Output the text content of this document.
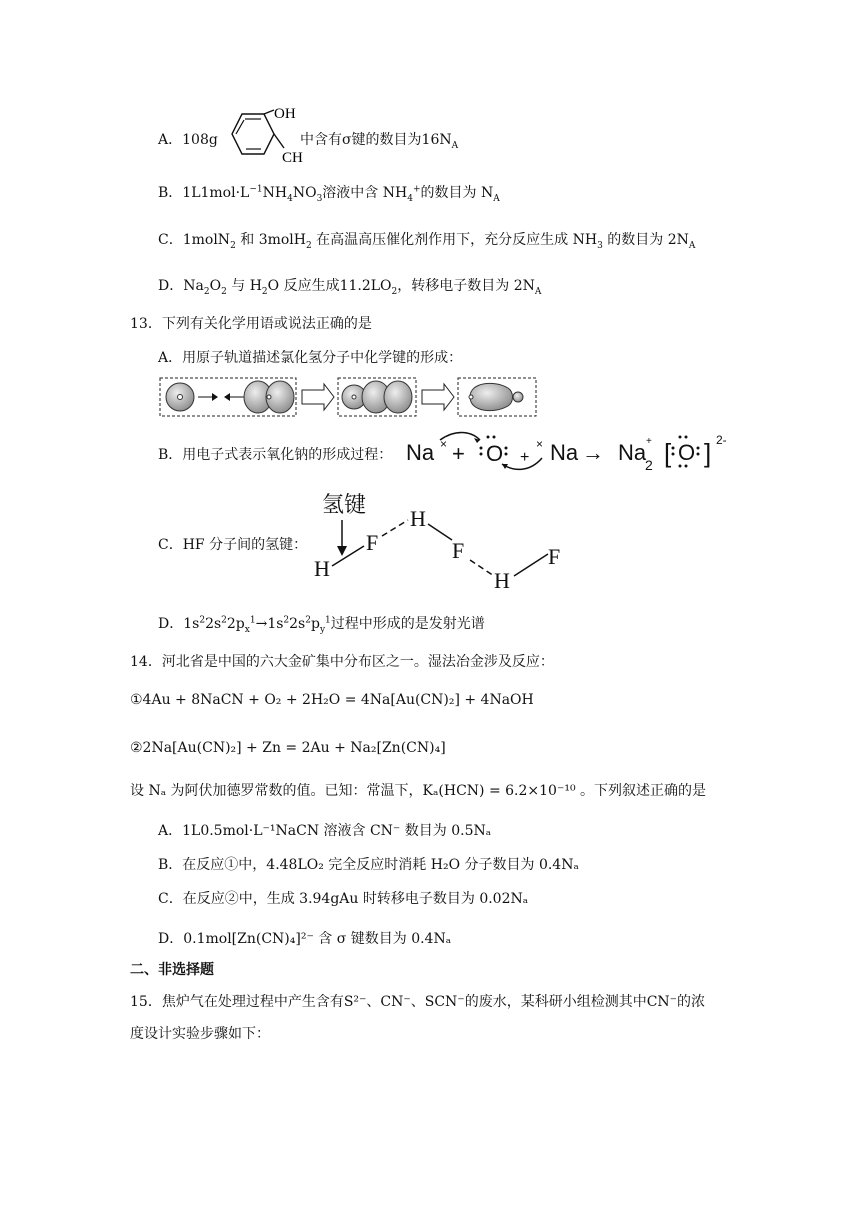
A．108g
OH
CH
中含有σ键的数目为$16N_A$
B．$1L1mol\cdot L^{-1}NH_4NO_3$溶液中含 $NH_4^+$的数目为 $N_A$
C．1molN$_2$ 和 3molH$_2$ 在高温高压催化剂作用下，充分反应生成 $NH_3$ 的数目为 $2N_A$
D．$Na_2O_2$ 与 $H_2O$ 反应生成$11.2LO_2$，转移电子数目为 $2N_A$
13．下列有关化学用语或说法正确的是
A．用原子轨道描述氯化氢分子中化学键的形成：
B．用电子式表示氧化钠的形成过程： Na × + O +
× Na → Na
2
+ [ O ] 2-
C．HF 分子间的氢键：
氢键
H
F
H
F
H
F
D．$1s^22s^22p_x^1\to 1s^22s^2p_y^1$过程中形成的是发射光谱
14．河北省是中国的六大金矿集中分布区之一。湿法冶金涉及反应：
①4Au + 8NaCN + O₂ + 2H₂O = 4Na[Au(CN)₂] + 4NaOH
②2Na[Au(CN)₂] + Zn = 2Au + Na₂[Zn(CN)₄]
设 Nₐ 为阿伏加德罗常数的值。已知：常温下，Kₐ(HCN) = 6.2×10⁻¹⁰ 。下列叙述正确的是
A．1L0.5mol·L⁻¹NaCN 溶液含 CN⁻ 数目为 0.5Nₐ
B．在反应①中，4.48LO₂ 完全反应时消耗 H₂O 分子数目为 0.4Nₐ
C．在反应②中，生成 3.94gAu 时转移电子数目为 0.02Nₐ
D．0.1mol[Zn(CN)₄]²⁻ 含 σ 键数目为 0.4Nₐ
二、非选择题
15．焦炉气在处理过程中产生含有S²⁻、CN⁻、SCN⁻的废水，某科研小组检测其中CN⁻的浓
度设计实验步骤如下：
